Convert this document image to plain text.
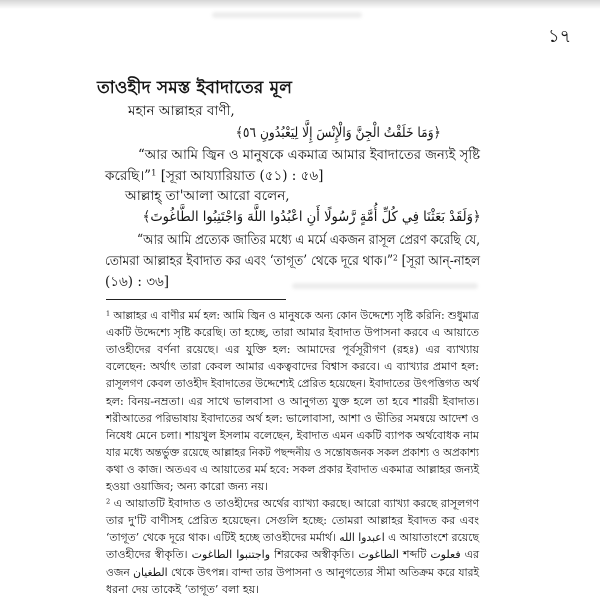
১৭
তাওহীদ সমস্ত ইবাদাতের মূল
মহান আল্লাহর বাণী,
﴿وَمَا خَلَقْتُ الْجِنَّ وَالْإِنْسَ إِلَّا لِيَعْبُدُونِ ٥٦﴾
“আর আমি জ্বিন ও মানুষকে একমাত্র আমার ইবাদাতের জন্যই সৃষ্টি
করেছি।”$^1$ [সূরা আয্যারিয়াত (৫১) : ৫৬]
আল্লাহ্ তা'আলা আরো বলেন,
﴿وَلَقَدْ بَعَثْنَا فِي كُلِّ أُمَّةٍ رَّسُولًا أَنِ اعْبُدُوا اللَّهَ وَاجْتَنِبُوا الطَّاغُوتَ﴾
“আর আমি প্রত্যেক জাতির মধ্যে এ মর্মে একজন রাসূল প্রেরণ করেছি যে,
তোমরা আল্লাহর ইবাদাত কর এবং ‘তাগূত’ থেকে দূরে থাক।”$^2$ [সূরা আন্-নাহল
(১৬) : ৩৬]
$^1$ আল্লাহর এ বাণীর মর্ম হল: আমি জ্বিন ও মানুষকে অন্য কোন উদ্দেশ্যে সৃষ্টি করিনি: শুধুমাত্র
একটি উদ্দেশ্যে সৃষ্টি করেছি। তা হচ্ছে, তারা আমার ইবাদাত উপাসনা করবে এ আয়াতে
তাওহীদের বর্ণনা রয়েছে। এর যুক্তি হল: আমাদের পূর্বসূরীগণ (রহঃ) এর ব্যাখ্যায়
বলেছেন: অর্থাৎ তারা কেবল আমার একত্ববাদের বিশ্বাস করবে। এ ব্যাখ্যার প্রমাণ হল:
রাসূলগণ কেবল তাওহীদ ইবাদাতের উদ্দেশ্যেই প্রেরিত হয়েছেন। ইবাদাতের উৎপত্তিগত অর্থ
হল: বিনয়-নম্রতা। এর সাথে ভালবাসা ও আনুগত্য যুক্ত হলে তা হবে শারয়ী ইবাদাত।
শরীআতের পরিভাষায় ইবাদাতের অর্থ হল: ভালোবাসা, আশা ও ভীতির সমন্বয়ে আদেশ ও
নিষেধ মেনে চলা। শায়খুল ইসলাম বলেছেন, ইবাদাত এমন একটি ব্যাপক অর্থবোধক নাম
যার মধ্যে অন্তর্ভুক্ত রয়েছে আল্লাহর নিকট পছন্দনীয় ও সন্তোষজনক সকল প্রকাশ্য ও অপ্রকাশ্য
কথা ও কাজ। অতএব এ আয়াতের মর্ম হবে: সকল প্রকার ইবাদাত একমাত্র আল্লাহর জন্যই
হওয়া ওয়াজিব; অন্য কারো জন্য নয়।
$^2$ এ আয়াতটি ইবাদাত ও তাওহীদের অর্থের ব্যাখ্যা করছে। আরো ব্যাখ্যা করছে রাসূলগণ
তার দু'টি বাণীসহ প্রেরিত হয়েছেন। সেগুলি হচ্ছে: তোমরা আল্লাহর ইবাদত কর এবং
‘তাগূত’ থেকে দূরে থাক। এটিই হচ্ছে তাওহীদের মর্মার্থ। اعبدوا الله এ আয়াতাংশে রয়েছে
তাওহীদের স্বীকৃতি। واجتنبوا الطاغوت শিরকের অস্বীকৃতি। الطاغوت শব্দটি فعلوت এর
ওজন الطغيان থেকে উৎপন্ন। বান্দা তার উপাসনা ও আনুগত্যের সীমা অতিক্রম করে যারই
ধরনা দেয় তাকেই ‘তাগূত’ বলা হয়।
